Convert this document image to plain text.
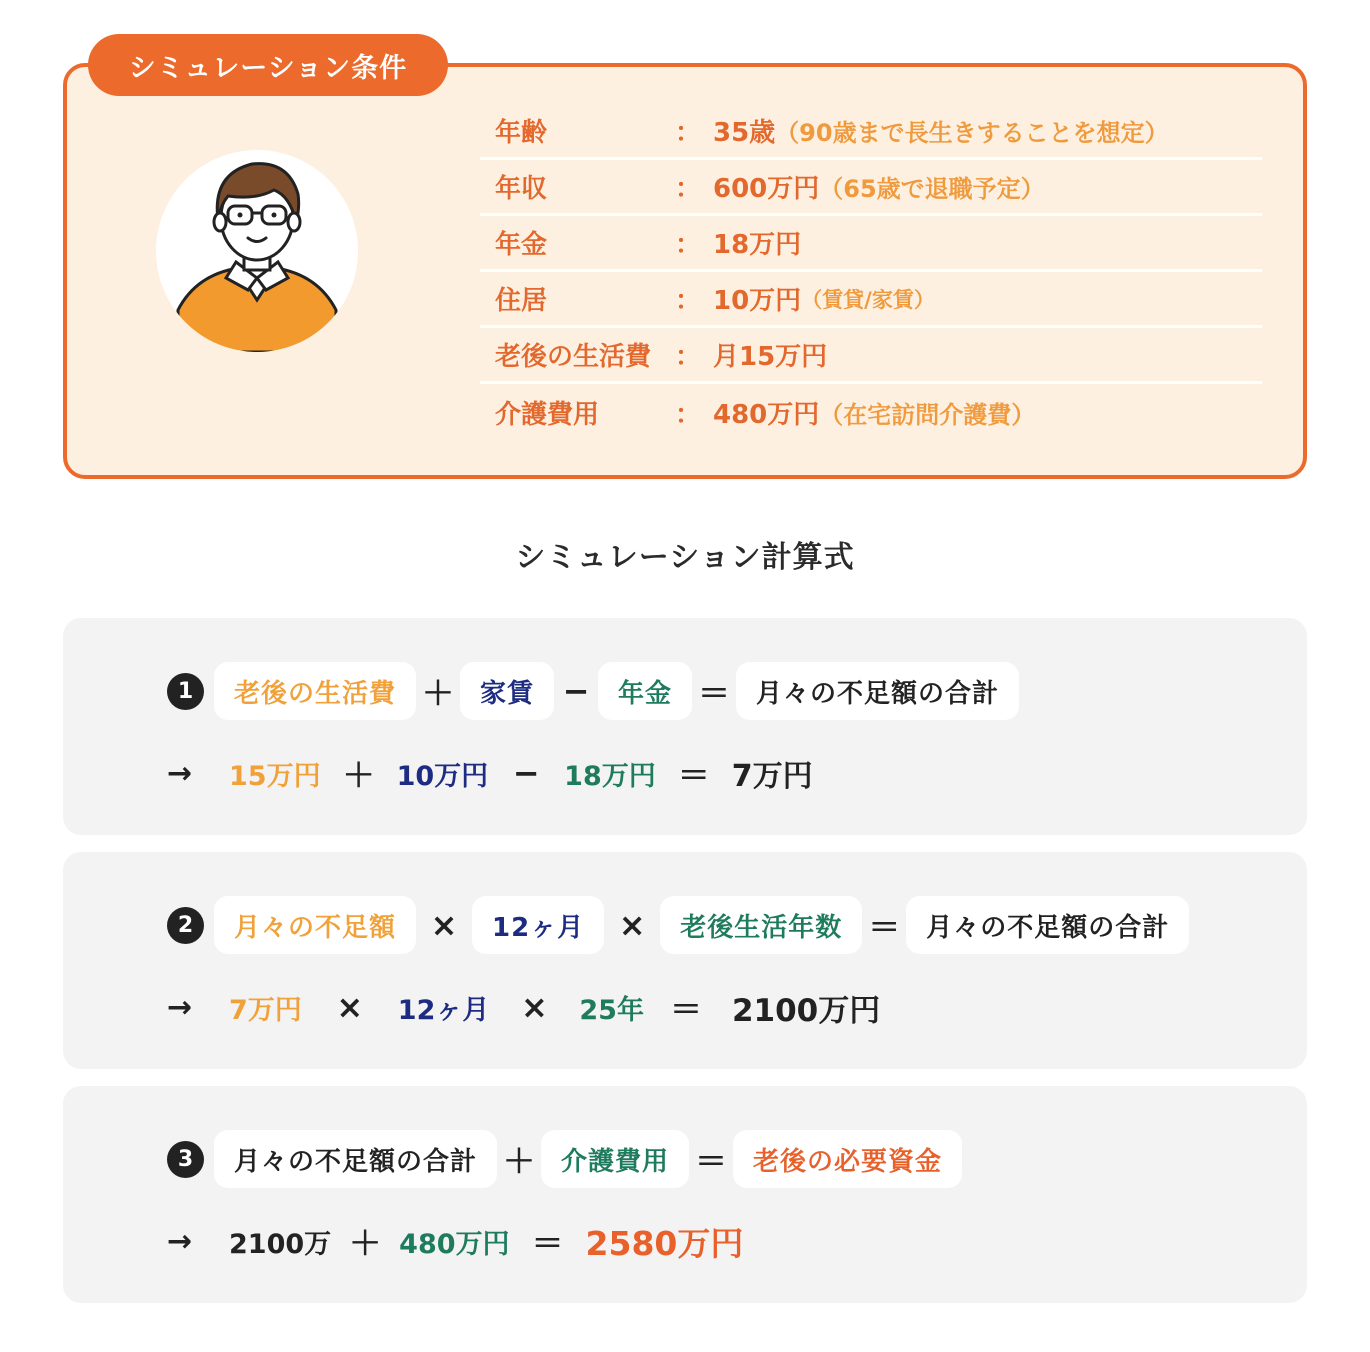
シミュレーション条件
年齢	： 35歳 （90歳まで長生きすることを想定）
年収	： 600万円 （65歳で退職予定）
年金	： 18万円
住居	： 10万円 （賃貸/家賃）
老後の生活費 ： 月15万円
介護費用	： 480万円 （在宅訪問介護費）
シミュレーション計算式
1	老後の生活費 ＋	家賃 −	年金 ＝	月々の不足額の合計
→	15万円 ＋ 10万円 − 18万円 ＝ 7万円
2	月々の不足額	×	12ヶ月	×	老後生活年数 ＝	月々の不足額の合計
→	7万円	×	12ヶ月 ×	25年 ＝ 2100万円
3	月々の不足額の合計 ＋	介護費用 ＝	老後の必要資金
→	2100万 ＋ 480万円 ＝ 2580万円
